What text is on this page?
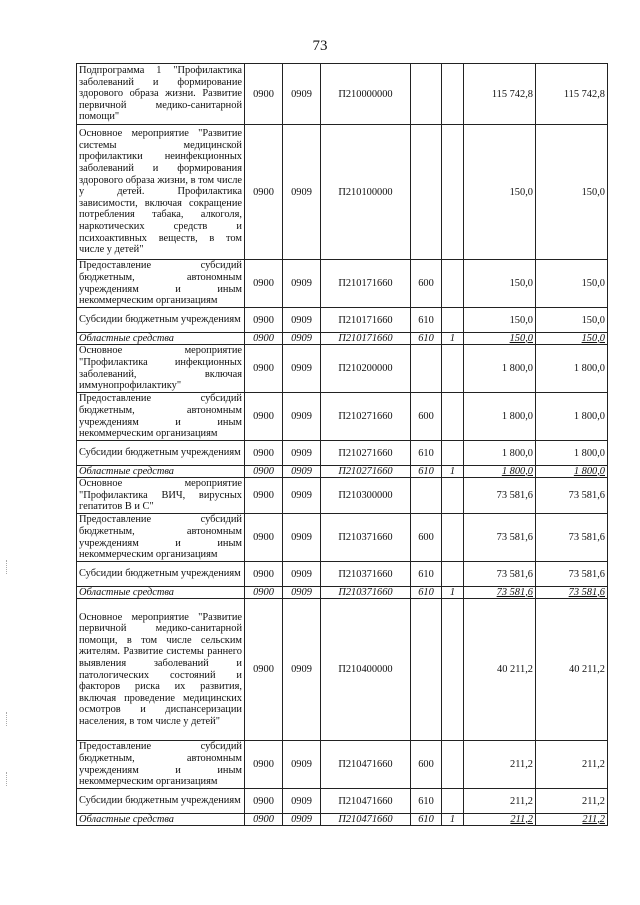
73
Подпрограмма 1 "Профилактика заболеваний и формирование здорового образа жизни. Развитие первичной медико-санитарной помощи"	0900	0909	П210000000			115 742,8	115 742,8
Основное мероприятие "Развитие системы медицинской профилактики неинфекционных заболеваний и формирования здорового образа жизни, в том числе у детей. Профилактика зависимости, включая сокращение потребления табака, алкоголя, наркотических средств и психоактивных веществ, в том числе у детей"	0900	0909	П210100000			150,0	150,0
Предоставление субсидий бюджетным, автономным учреждениям и иным некоммерческим организациям	0900	0909	П210171660	600		150,0	150,0
Субсидии бюджетным учреждениям	0900	0909	П210171660	610		150,0	150,0
Областные средства	0900	0909	П210171660	610	1	150,0	150,0
Основное мероприятие "Профилактика инфекционных заболеваний, включая иммунопрофилактику"	0900	0909	П210200000			1 800,0	1 800,0
Предоставление субсидий бюджетным, автономным учреждениям и иным некоммерческим организациям	0900	0909	П210271660	600		1 800,0	1 800,0
Субсидии бюджетным учреждениям	0900	0909	П210271660	610		1 800,0	1 800,0
Областные средства	0900	0909	П210271660	610	1	1 800,0	1 800,0
Основное мероприятие "Профилактика ВИЧ, вирусных гепатитов В и С"	0900	0909	П210300000			73 581,6	73 581,6
Предоставление субсидий бюджетным, автономным учреждениям и иным некоммерческим организациям	0900	0909	П210371660	600		73 581,6	73 581,6
Субсидии бюджетным учреждениям	0900	0909	П210371660	610		73 581,6	73 581,6
Областные средства	0900	0909	П210371660	610	1	73 581,6	73 581,6
Основное мероприятие "Развитие первичной медико-санитарной помощи, в том числе сельским жителям. Развитие системы раннего выявления заболеваний и патологических состояний и факторов риска их развития, включая проведение медицинских осмотров и диспансеризации населения, в том числе у детей"	0900	0909	П210400000			40 211,2	40 211,2
Предоставление субсидий бюджетным, автономным учреждениям и иным некоммерческим организациям	0900	0909	П210471660	600		211,2	211,2
Субсидии бюджетным учреждениям	0900	0909	П210471660	610		211,2	211,2
Областные средства	0900	0909	П210471660	610	1	211,2	211,2
